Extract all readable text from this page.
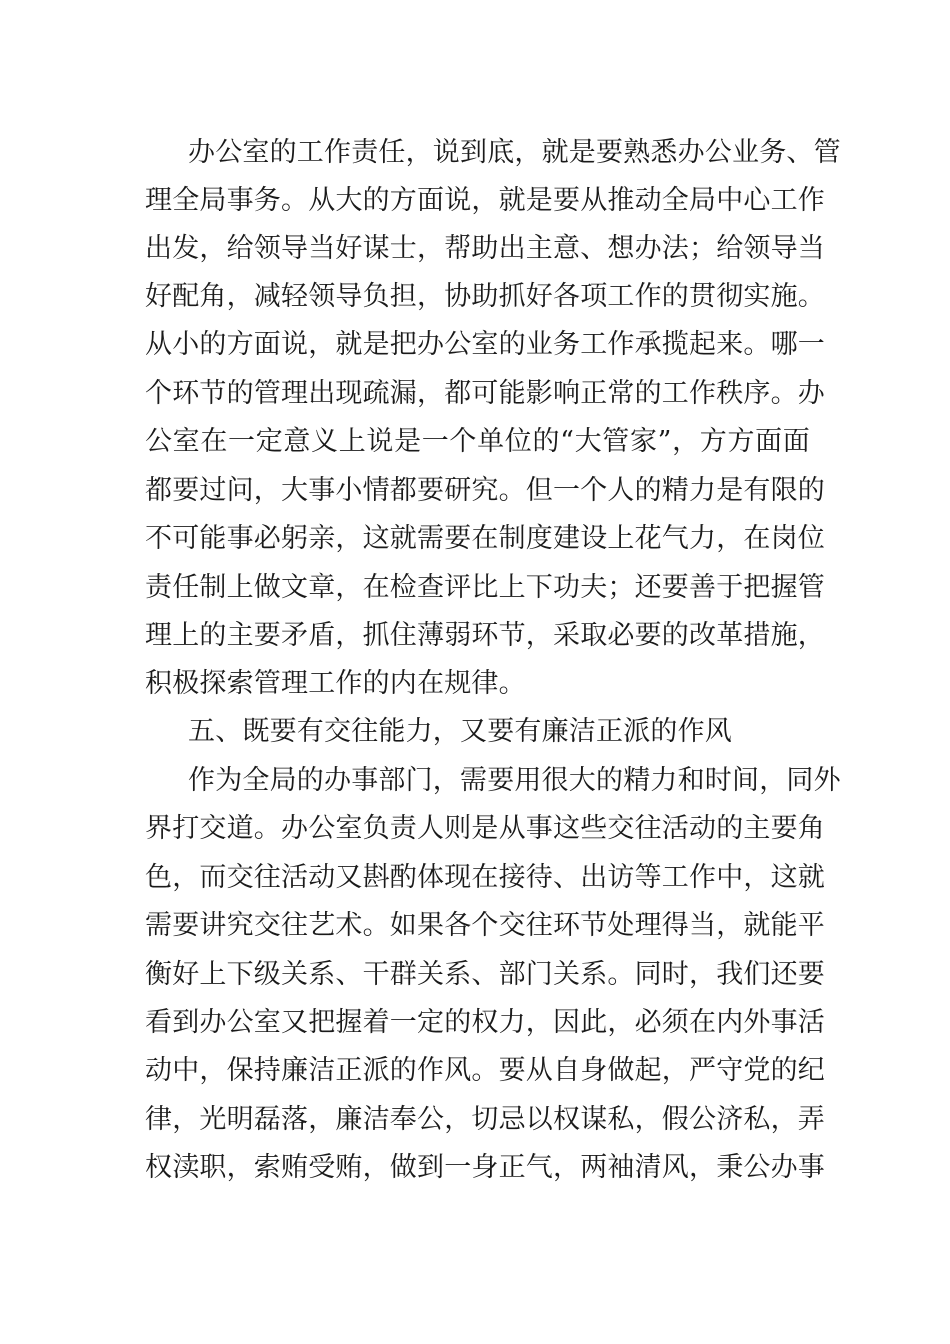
办公室的工作责任，说到底，就是要熟悉办公业务、管
理全局事务。从大的方面说，就是要从推动全局中心工作
出发，给领导当好谋士，帮助出主意、想办法；给领导当
好配角，减轻领导负担，协助抓好各项工作的贯彻实施。
从小的方面说，就是把办公室的业务工作承揽起来。哪一
个环节的管理出现疏漏，都可能影响正常的工作秩序。办
公室在一定意义上说是一个单位的“大管家”，方方面面
都要过问，大事小情都要研究。但一个人的精力是有限的
不可能事必躬亲，这就需要在制度建设上花气力，在岗位
责任制上做文章，在检查评比上下功夫；还要善于把握管
理上的主要矛盾，抓住薄弱环节，采取必要的改革措施，
积极探索管理工作的内在规律。
五、既要有交往能力，又要有廉洁正派的作风
作为全局的办事部门，需要用很大的精力和时间，同外
界打交道。办公室负责人则是从事这些交往活动的主要角
色，而交往活动又斟酌体现在接待、出访等工作中，这就
需要讲究交往艺术。如果各个交往环节处理得当，就能平
衡好上下级关系、干群关系、部门关系。同时，我们还要
看到办公室又把握着一定的权力，因此，必须在内外事活
动中，保持廉洁正派的作风。要从自身做起，严守党的纪
律，光明磊落，廉洁奉公，切忌以权谋私，假公济私，弄
权渎职，索贿受贿，做到一身正气，两袖清风，秉公办事
